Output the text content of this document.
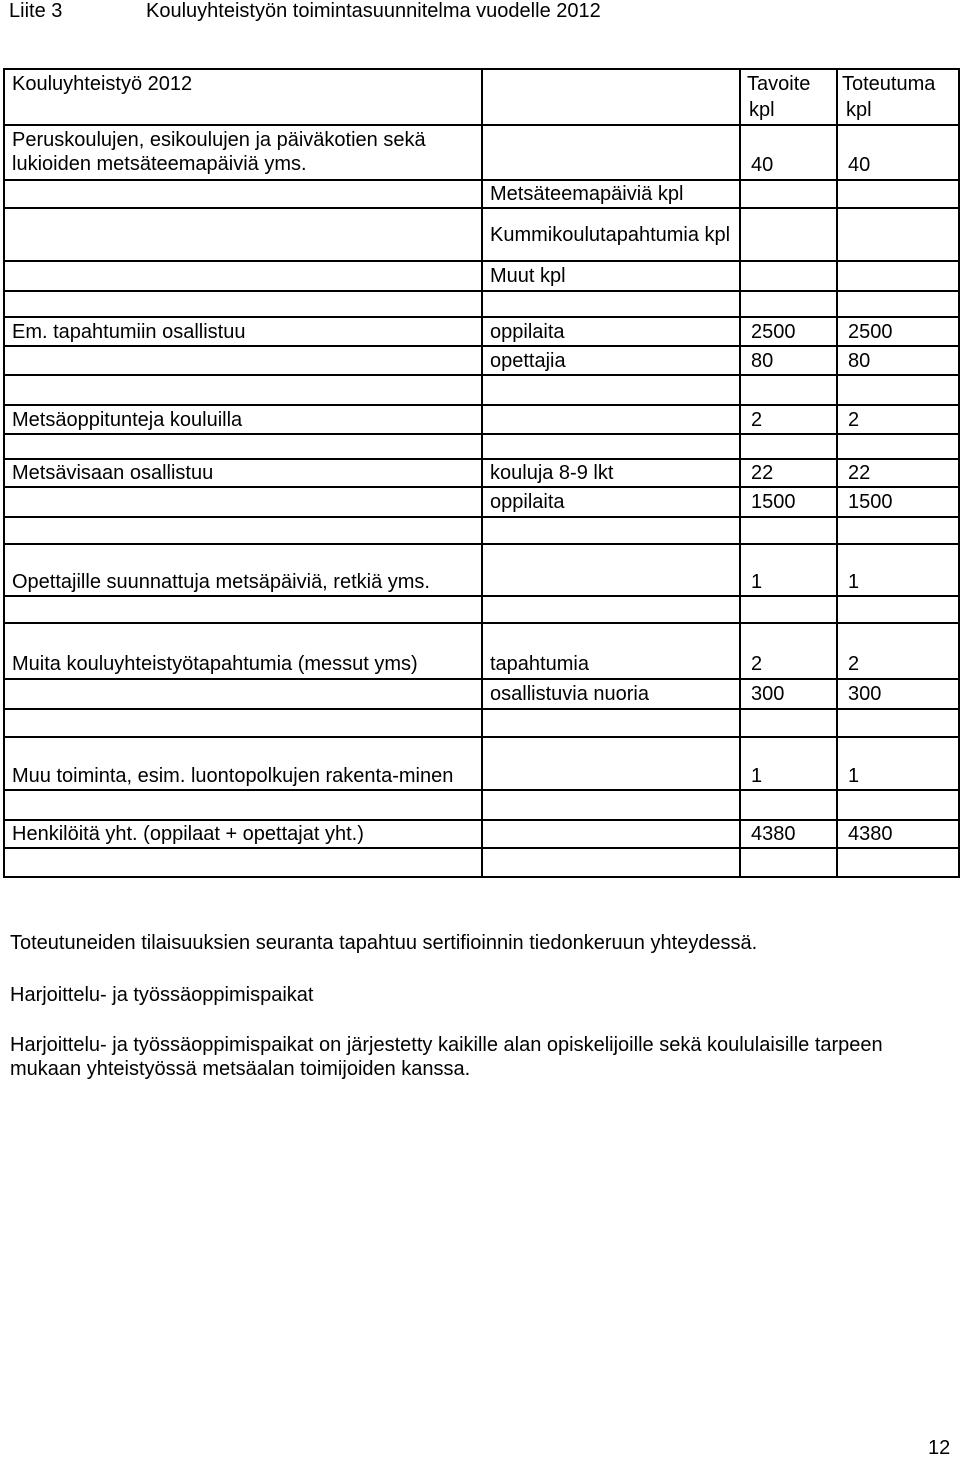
Liite 3	Kouluyhteistyön toimintasuunnitelma vuodelle 2012
Kouluyhteistyö 2012		Tavoite	Toteutuma
		kpl	kpl
Peruskoulujen, esikoulujen ja päiväkotien sekä lukioiden metsäteemapäiviä yms.		40	40
	Metsäteemapäiviä kpl		
	Kummikoulutapahtumia kpl		
	Muut kpl		

Em. tapahtumiin osallistuu	oppilaita	2500	2500
	opettajia	80	80

Metsäoppitunteja kouluilla		2	2

Metsävisaan osallistuu	kouluja 8-9 lkt	22	22
	oppilaita	1500	1500

Opettajille suunnattuja metsäpäiviä, retkiä yms.		1	1

Muita kouluyhteistyötapahtumia (messut yms)	tapahtumia	2	2
	osallistuvia nuoria	300	300

Muu toiminta, esim. luontopolkujen rakenta-minen		1	1

Henkilöitä yht. (oppilaat + opettajat yht.)		4380	4380

Toteutuneiden tilaisuuksien seuranta tapahtuu sertifioinnin tiedonkeruun yhteydessä.
Harjoittelu- ja työssäoppimispaikat
Harjoittelu- ja työssäoppimispaikat on järjestetty kaikille alan opiskelijoille sekä koululaisille tarpeen mukaan yhteistyössä metsäalan toimijoiden kanssa.
12
